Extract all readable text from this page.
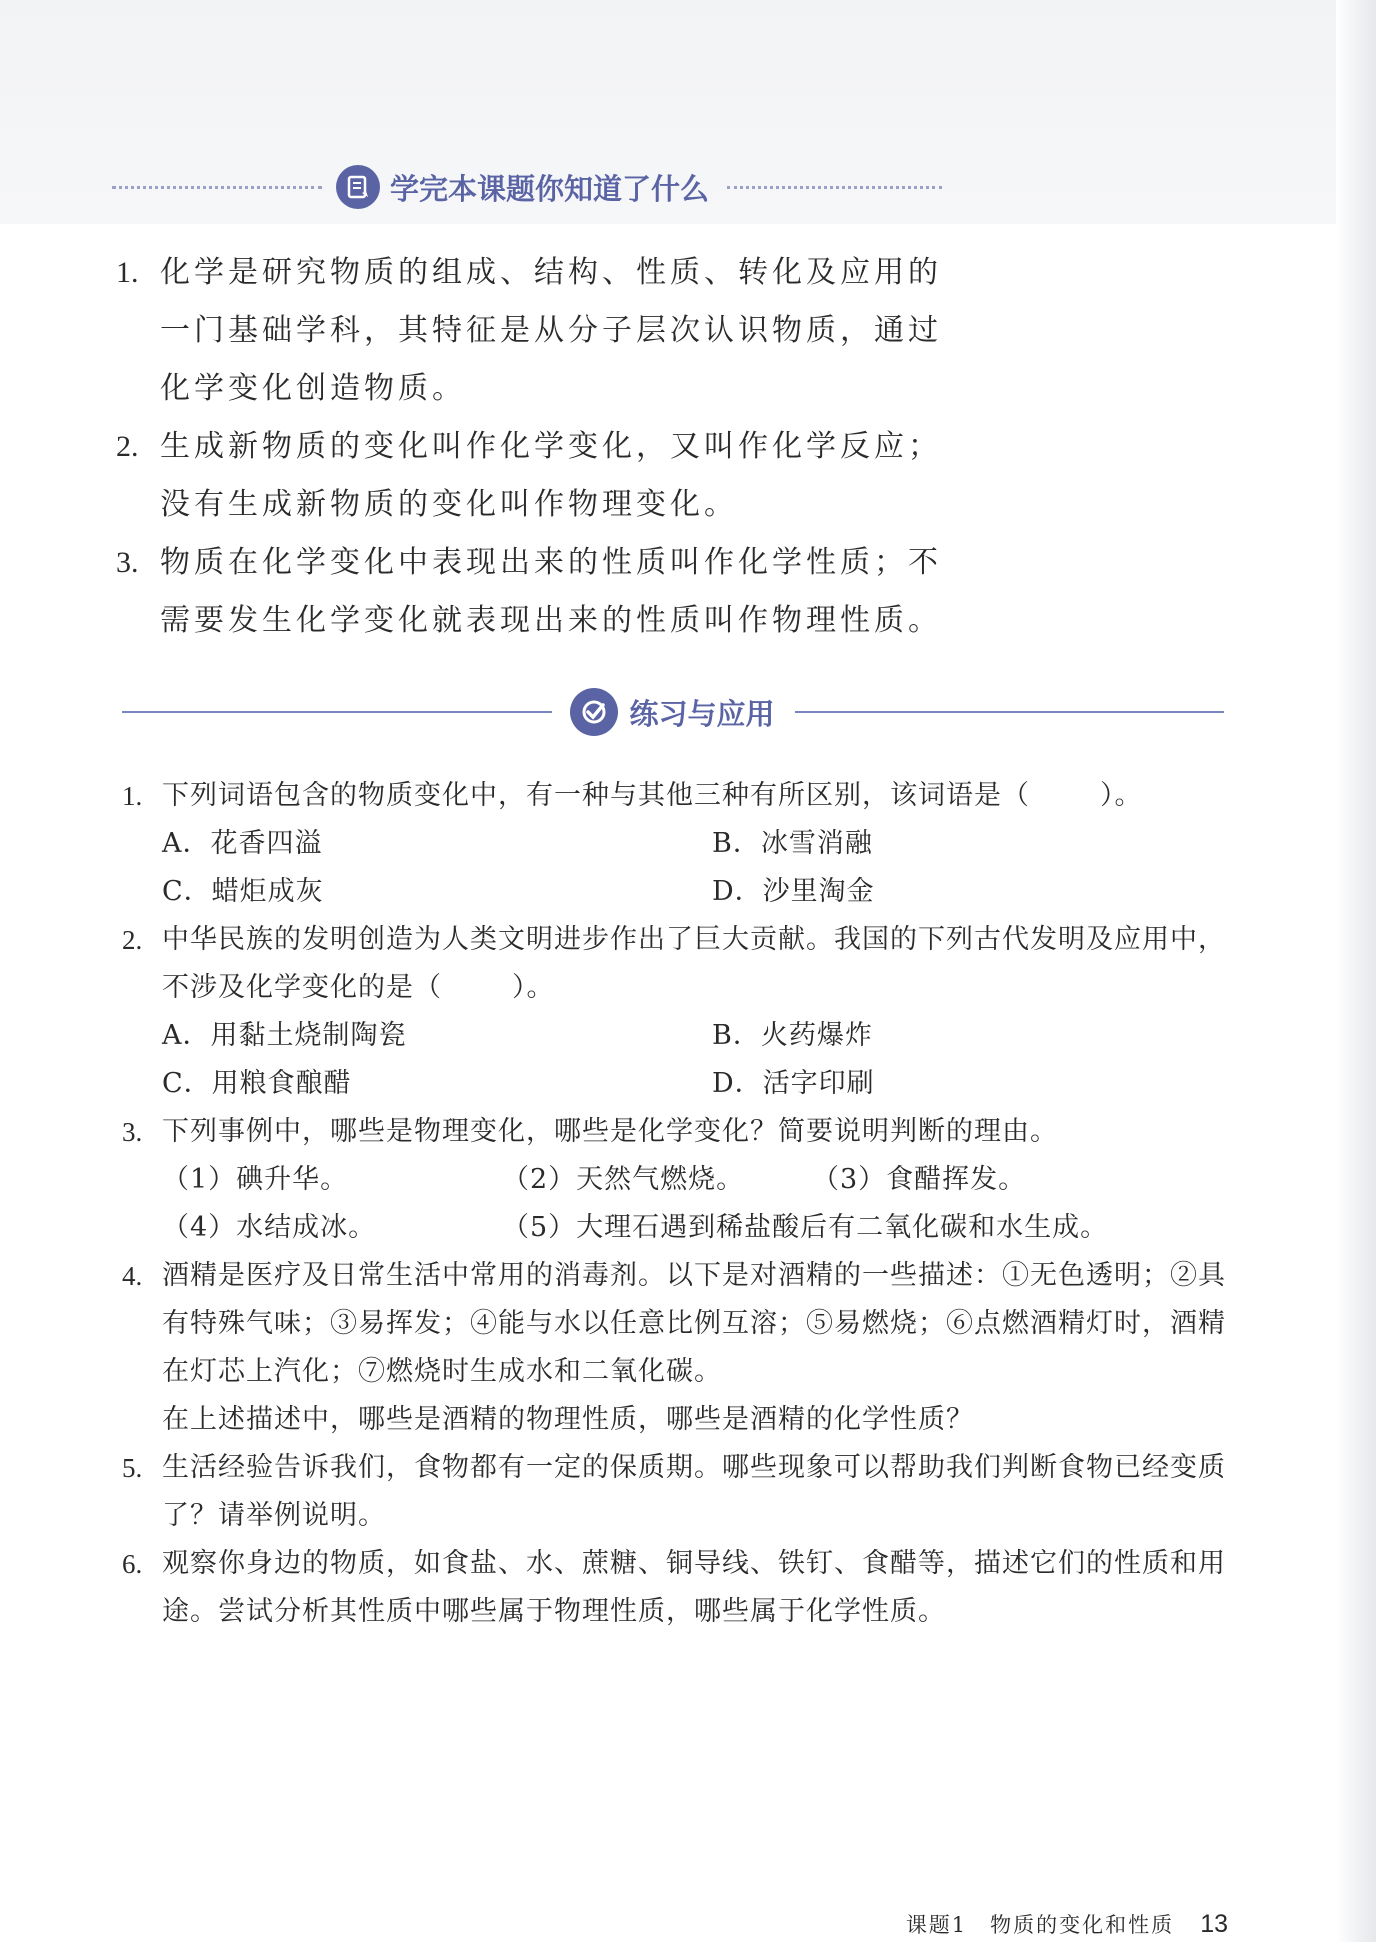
学完本课题你知道了什么
1. 化学是研究物质的组成、结构、性质、转化及应用的一门基础学科，其特征是从分子层次认识物质，通过化学变化创造物质。
2. 生成新物质的变化叫作化学变化，又叫作化学反应；没有生成新物质的变化叫作物理变化。
3. 物质在化学变化中表现出来的性质叫作化学性质；不需要发生化学变化就表现出来的性质叫作物理性质。
练习与应用
1. 下列词语包含的物质变化中，有一种与其他三种有所区别，该词语是（	）。
A．花香四溢	B．冰雪消融
C．蜡炬成灰	D．沙里淘金
2. 中华民族的发明创造为人类文明进步作出了巨大贡献。我国的下列古代发明及应用中，不涉及化学变化的是（	）。
A．用黏土烧制陶瓷	B．火药爆炸
C．用粮食酿醋	D．活字印刷
3. 下列事例中，哪些是物理变化，哪些是化学变化？简要说明判断的理由。
（1）碘升华。	（2）天然气燃烧。	（3）食醋挥发。
（4）水结成冰。	（5）大理石遇到稀盐酸后有二氧化碳和水生成。
4. 酒精是医疗及日常生活中常用的消毒剂。以下是对酒精的一些描述：①无色透明；②具有特殊气味；③易挥发；④能与水以任意比例互溶；⑤易燃烧；⑥点燃酒精灯时，酒精在灯芯上汽化；⑦燃烧时生成水和二氧化碳。
在上述描述中，哪些是酒精的物理性质，哪些是酒精的化学性质？
5. 生活经验告诉我们，食物都有一定的保质期。哪些现象可以帮助我们判断食物已经变质了？请举例说明。
6. 观察你身边的物质，如食盐、水、蔗糖、铜导线、铁钉、食醋等，描述它们的性质和用途。尝试分析其性质中哪些属于物理性质，哪些属于化学性质。
课题1　物质的变化和性质 13
